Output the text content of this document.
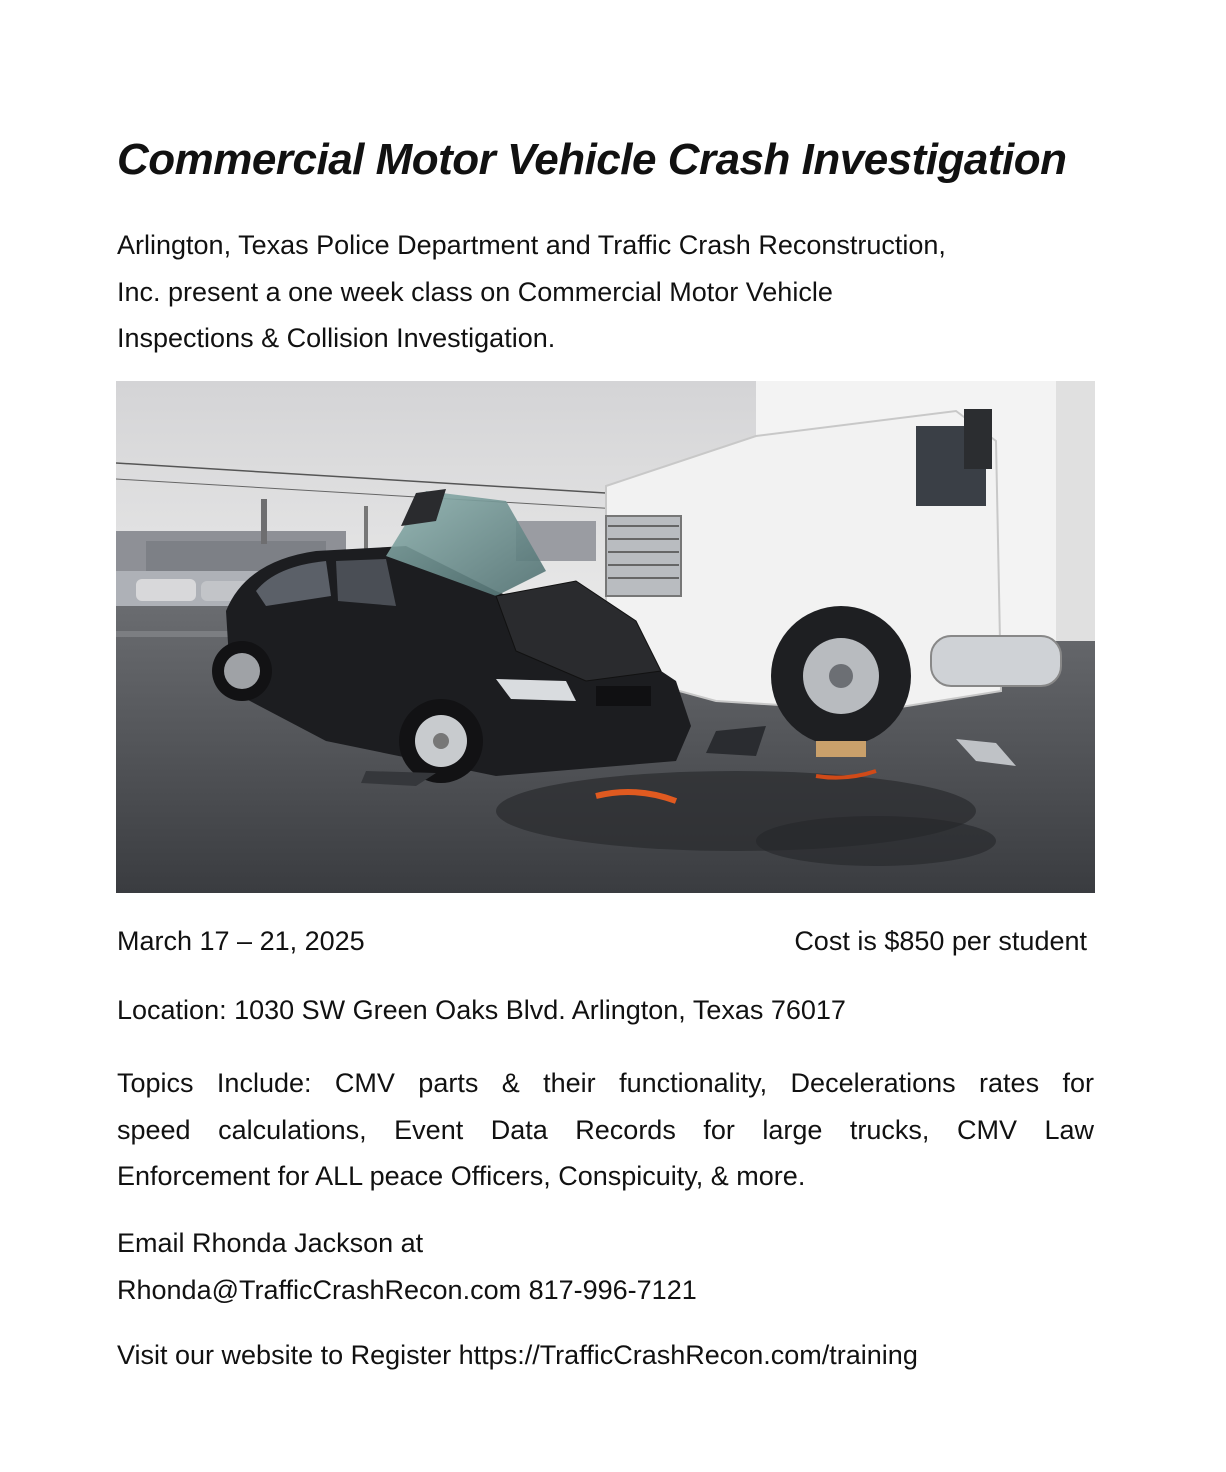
Commercial Motor Vehicle Crash Investigation
Arlington, Texas Police Department and Traffic Crash Reconstruction,
Inc. present a one week class on Commercial Motor Vehicle
Inspections & Collision Investigation.
March 17 – 21, 2025	Cost is $850 per student
Location: 1030 SW Green Oaks Blvd. Arlington, Texas 76017
Topics Include: CMV parts & their functionality, Decelerations rates for
speed calculations, Event Data Records for large trucks, CMV Law
Enforcement for ALL peace Officers, Conspicuity, & more.
Email Rhonda Jackson at
Rhonda@TrafficCrashRecon.com 817-996-7121
Visit our website to Register https://TrafficCrashRecon.com/training
